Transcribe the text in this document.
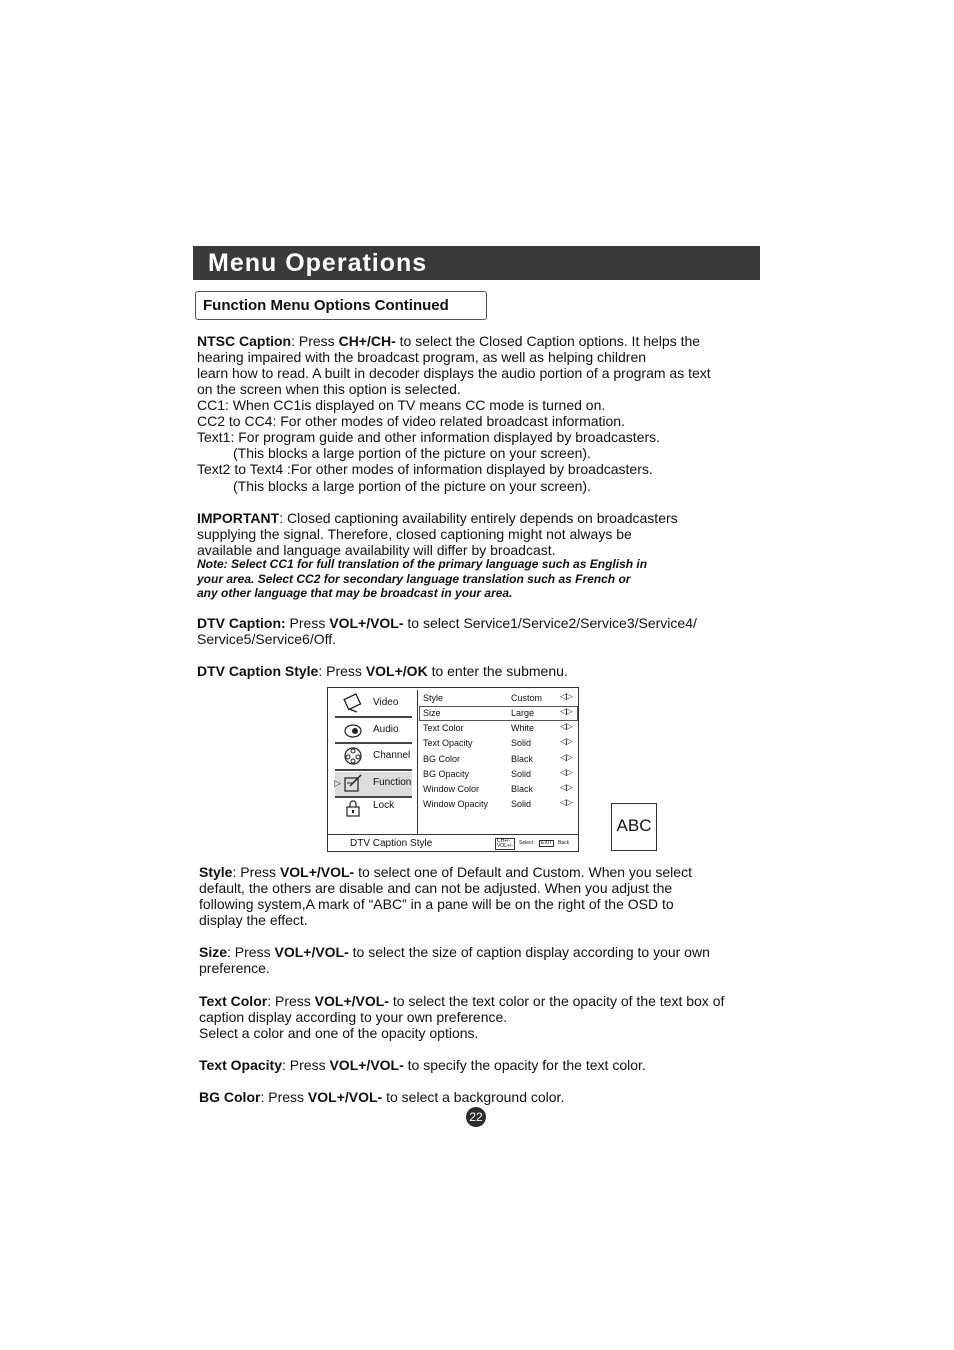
Menu Operations
Function Menu Options Continued
NTSC Caption: Press CH+/CH- to select the Closed Caption options. It helps the
hearing impaired with the broadcast program, as well as helping children
learn how to read. A built in decoder displays the audio portion of a program as text
on the screen when this option is selected.
CC1: When CC1is displayed on TV means CC mode is turned on.
CC2 to CC4: For other modes of video related broadcast information.
Text1: For program guide and other information displayed by broadcasters.
(This blocks a large portion of the picture on your screen).
Text2 to Text4 :For other modes of information displayed by broadcasters.
(This blocks a large portion of the picture on your screen).
IMPORTANT: Closed captioning availability entirely depends on broadcasters
supplying the signal. Therefore, closed captioning might not always be
available and language availability will differ by broadcast.
Note: Select CC1 for full translation of the primary language such as English in
your area. Select CC2 for secondary language translation such as French or
any other language that may be broadcast in your area.
DTV Caption: Press VOL+/VOL- to select Service1/Service2/Service3/Service4/
Service5/Service6/Off.
DTV Caption Style: Press VOL+/OK to enter the submenu.
Video
Audio
Channel
▷	Function
Lock
Style	Custom ◁▷
Size	Large	◁▷
Text Color	White	◁▷
Text Opacity	Solid	◁▷
BG Color	Black	◁▷
BG Opacity	Solid	◁▷
Window Color	Black	◁▷
Window Opacity	Solid	◁▷
DTV Caption Style	CH+/-
VOL+/- Select	EXIT	Back
ABC
Style: Press VOL+/VOL- to select one of Default and Custom. When you select
default, the others are disable and can not be adjusted. When you adjust the
following system,A mark of “ABC” in a pane will be on the right of the OSD to
display the effect.
Size: Press VOL+/VOL- to select the size of caption display according to your own
preference.
Text Color: Press VOL+/VOL- to select the text color or the opacity of the text box of
caption display according to your own preference.
Select a color and one of the opacity options.
Text Opacity: Press VOL+/VOL- to specify the opacity for the text color.
BG Color: Press VOL+/VOL- to select a background color.
22
